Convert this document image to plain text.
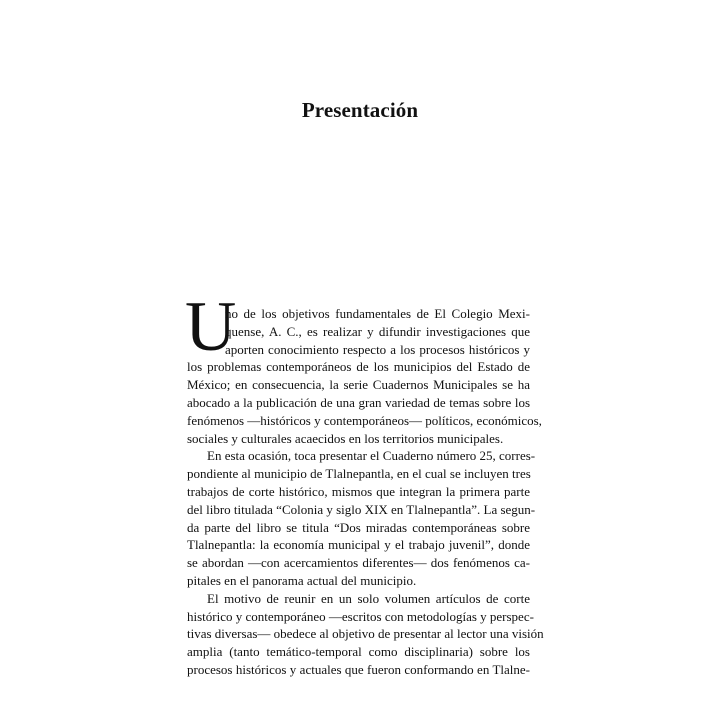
Presentación
U
no de los objetivos fundamentales de El Colegio Mexi-
quense, A. C., es realizar y difundir investigaciones que
aporten conocimiento respecto a los procesos históricos y
los problemas contemporáneos de los municipios del Estado de
México; en consecuencia, la serie Cuadernos Municipales se ha
abocado a la publicación de una gran variedad de temas sobre los
fenómenos —históricos y contemporáneos— políticos, económicos,
sociales y culturales acaecidos en los territorios municipales.
En esta ocasión, toca presentar el Cuaderno número 25, corres-
pondiente al municipio de Tlalnepantla, en el cual se incluyen tres
trabajos de corte histórico, mismos que integran la primera parte
del libro titulada “Colonia y siglo XIX en Tlalnepantla”. La segun-
da parte del libro se titula “Dos miradas contemporáneas sobre
Tlalnepantla: la economía municipal y el trabajo juvenil”, donde
se abordan —con acercamientos diferentes— dos fenómenos ca-
pitales en el panorama actual del municipio.
El motivo de reunir en un solo volumen artículos de corte
histórico y contemporáneo —escritos con metodologías y perspec-
tivas diversas— obedece al objetivo de presentar al lector una visión
amplia (tanto temático-temporal como disciplinaria) sobre los
procesos históricos y actuales que fueron conformando en Tlalne-
